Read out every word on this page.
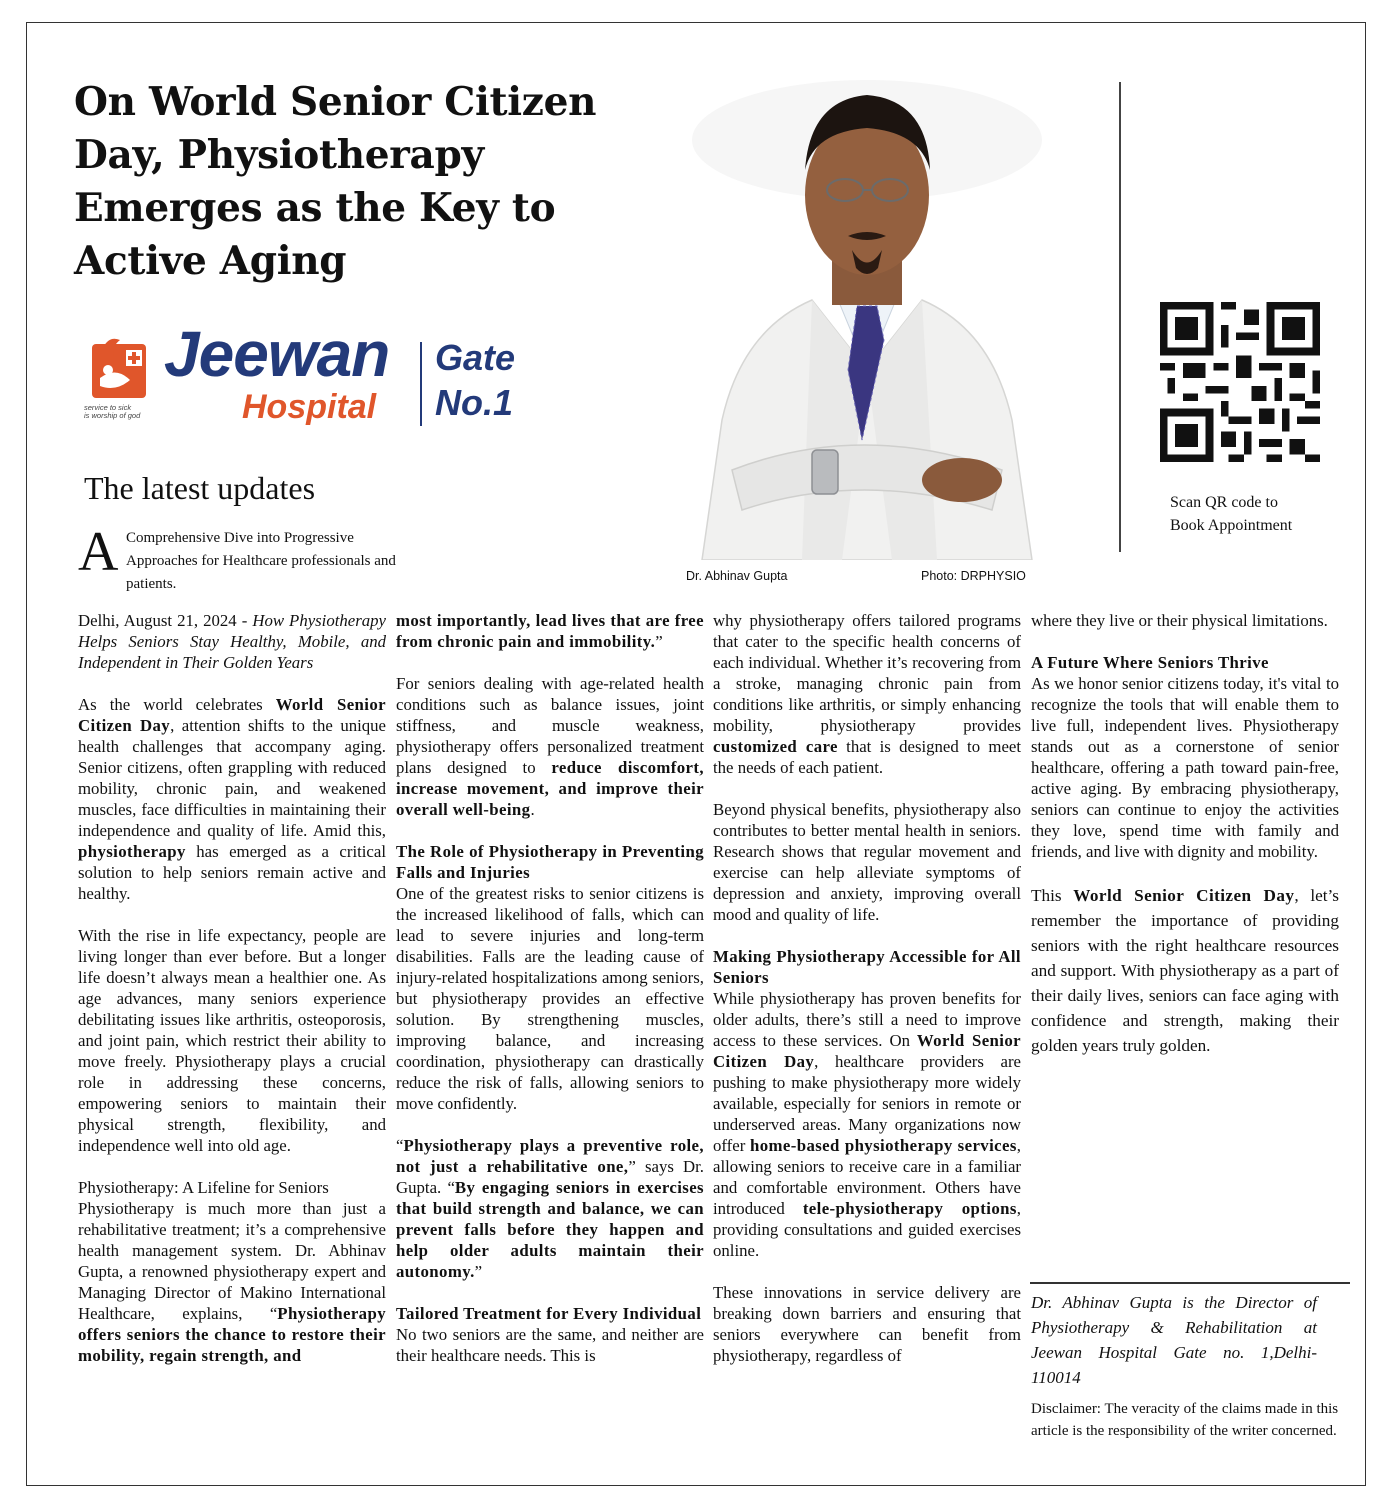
On World Senior Citizen
Day, Physiotherapy
Emerges as the Key to
Active Aging
service to sick
is worship of god
Jeewan
Hospital
Gate
No.1
The latest updates
A Comprehensive Dive into Progressive Approaches for Healthcare professionals and patients.	Dr. Abhinav Gupta	Photo: DRPHYSIO
Scan QR code to
Book Appointment

Delhi, August 21, 2024 - How Physiotherapy Helps Seniors Stay Healthy, Mobile, and Independent in Their Golden Years

As the world celebrates World Senior Citizen Day, attention shifts to the unique health challenges that accompany aging. Senior citizens, often grappling with reduced mobility, chronic pain, and weakened muscles, face difficulties in maintaining their independence and quality of life. Amid this, physiotherapy has emerged as a critical solution to help seniors remain active and healthy.

With the rise in life expectancy, people are living longer than ever before. But a longer life doesn’t always mean a healthier one. As age advances, many seniors experience debilitating issues like arthritis, osteoporosis, and joint pain, which restrict their ability to move freely. Physiotherapy plays a crucial role in addressing these concerns, empowering seniors to maintain their physical strength, flexibility, and independence well into old age.

Physiotherapy: A Lifeline for Seniors

Physiotherapy is much more than just a rehabilitative treatment; it’s a comprehensive health management system. Dr. Abhinav Gupta, a renowned physiotherapy expert and Managing Director of Makino International Healthcare, explains, “Physiotherapy offers seniors the chance to restore their mobility, regain strength, and

most importantly, lead lives that are free from chronic pain and immobility.”

For seniors dealing with age-related health conditions such as balance issues, joint stiffness, and muscle weakness, physiotherapy offers personalized treatment plans designed to reduce discomfort, increase movement, and improve their overall well-being.

The Role of Physiotherapy in Preventing Falls and Injuries

One of the greatest risks to senior citizens is the increased likelihood of falls, which can lead to severe injuries and long-term disabilities. Falls are the leading cause of injury-related hospitalizations among seniors, but physiotherapy provides an effective solution. By strengthening muscles, improving balance, and increasing coordination, physiotherapy can drastically reduce the risk of falls, allowing seniors to move confidently.

“Physiotherapy plays a preventive role, not just a rehabilitative one,” says Dr. Gupta. “By engaging seniors in exercises that build strength and balance, we can prevent falls before they happen and help older adults maintain their autonomy.”

Tailored Treatment for Every Individual

No two seniors are the same, and neither are their healthcare needs. This is

why physiotherapy offers tailored programs that cater to the specific health concerns of each individual. Whether it’s recovering from a stroke, managing chronic pain from conditions like arthritis, or simply enhancing mobility, physiotherapy provides customized care that is designed to meet the needs of each patient.

Beyond physical benefits, physiotherapy also contributes to better mental health in seniors. Research shows that regular movement and exercise can help alleviate symptoms of depression and anxiety, improving overall mood and quality of life.

Making Physiotherapy Accessible for All Seniors

While physiotherapy has proven benefits for older adults, there’s still a need to improve access to these services. On World Senior Citizen Day, healthcare providers are pushing to make physiotherapy more widely available, especially for seniors in remote or underserved areas. Many organizations now offer home-based physiotherapy services, allowing seniors to receive care in a familiar and comfortable environment. Others have introduced tele-physiotherapy options, providing consultations and guided exercises online.

These innovations in service delivery are breaking down barriers and ensuring that seniors everywhere can benefit from physiotherapy, regardless of

where they live or their physical limitations.

A Future Where Seniors Thrive

As we honor senior citizens today, it's vital to recognize the tools that will enable them to live full, independent lives. Physiotherapy stands out as a cornerstone of senior healthcare, offering a path toward pain-free, active aging. By embracing physiotherapy, seniors can continue to enjoy the activities they love, spend time with family and friends, and live with dignity and mobility.

This World Senior Citizen Day, let’s remember the importance of providing seniors with the right healthcare resources and support. With physiotherapy as a part of their daily lives, seniors can face aging with confidence and strength, making their golden years truly golden.

Dr. Abhinav Gupta is the Director of Physiotherapy & Rehabilitation at Jeewan Hospital Gate no. 1,Delhi-110014
Disclaimer: The veracity of the claims made in this article is the responsibility of the writer concerned.
